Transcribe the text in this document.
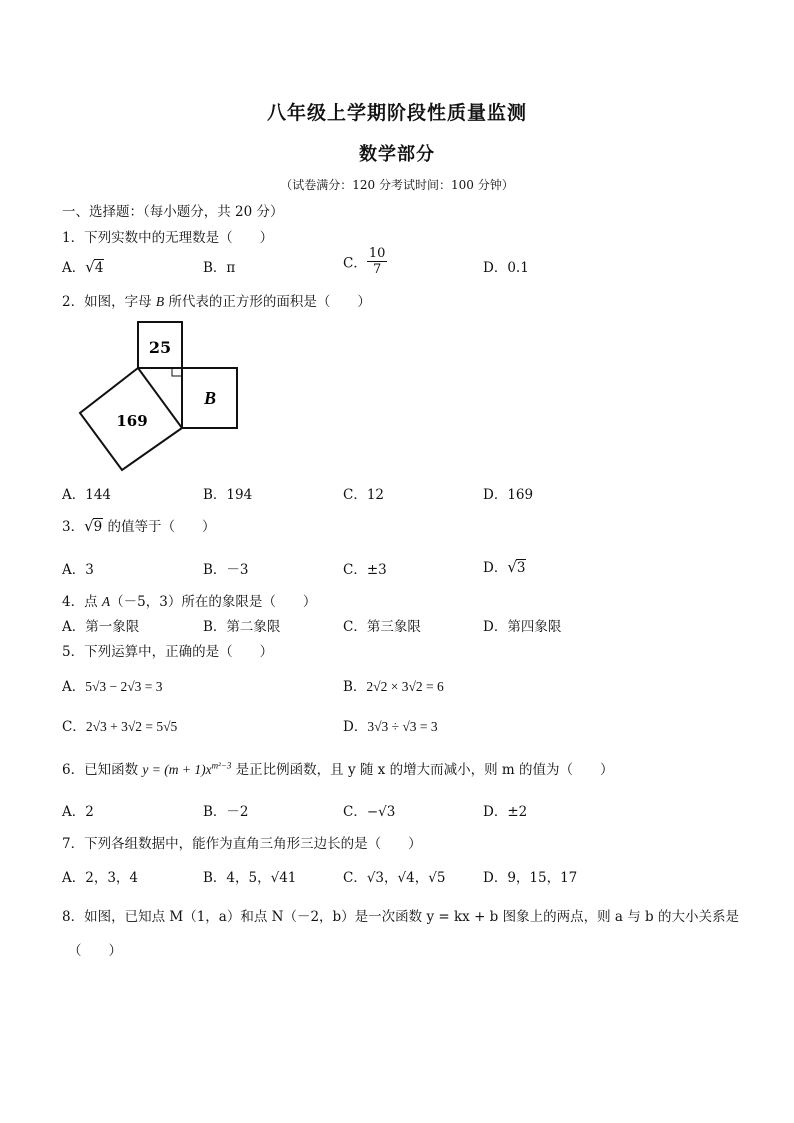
八年级上学期阶段性质量监测
数学部分
（试卷满分：120 分考试时间：100 分钟）
一、选择题：（每小题分，共 20 分）
1．下列实数中的无理数是（　　）
A．√4	B．π	C． $\frac{10}{7}$	D．0.1
2．如图，字母 B 所代表的正方形的面积是（　　）
25
169
B
A．144	B．194	C．12	D．169
3．√9 的值等于（　　）
A．3	B．－3	C．±3	D．√3
4．点 A（－5，3）所在的象限是（　　）
A．第一象限	B．第二象限	C．第三象限	D．第四象限
5．下列运算中，正确的是（　　）
A．5√3 − 2√3 = 3	B．2√2 × 3√2 = 6
C．2√3 + 3√2 = 5√5	D．3√3 ÷ √3 = 3
6．已知函数 $y = (m + 1)x^{m^2-3}$ 是正比例函数，且 y 随 x 的增大而减小，则 m 的值为（　　）
A．2	B．－2	C．−√3	D．±2
7．下列各组数据中，能作为直角三角形三边长的是（　　）
A．2，3，4	B．4，5，√41	C．√3，√4，√5	D．9，15，17
8．如图，已知点 M（1，a）和点 N（－2，b）是一次函数 y = kx + b 图象上的两点，则 a 与 b 的大小关系是
（　　）
